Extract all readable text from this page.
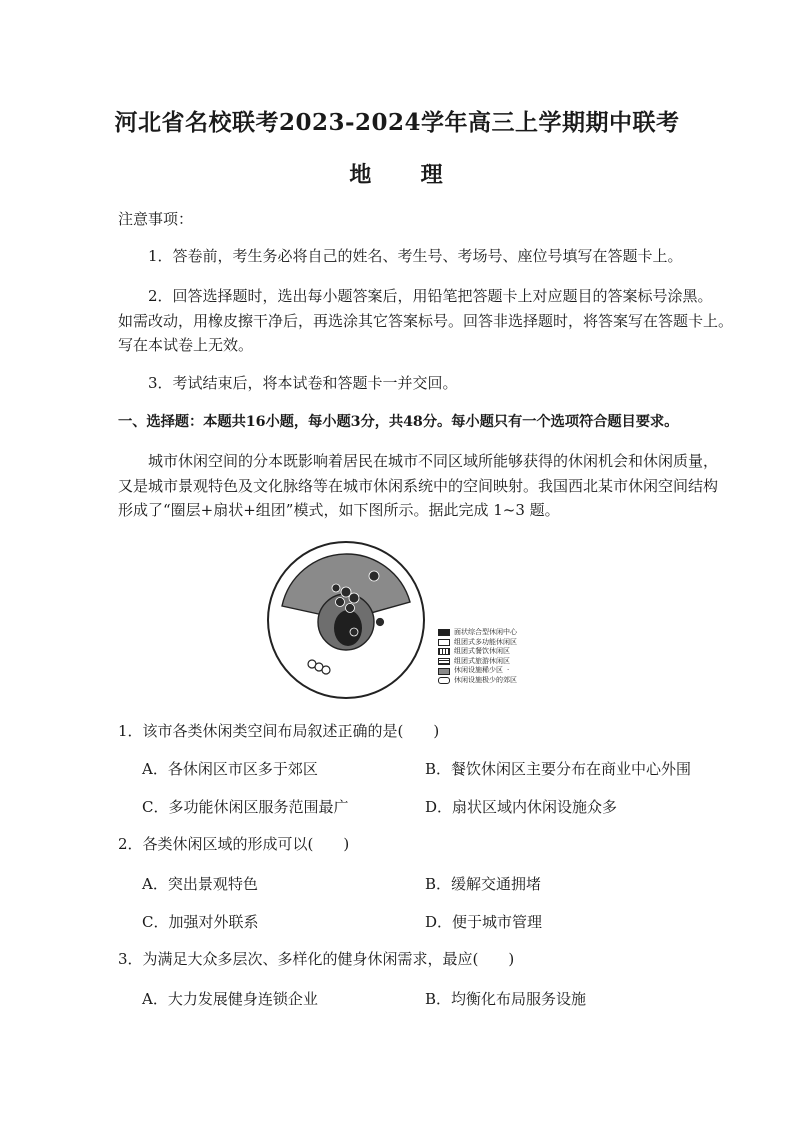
河北省名校联考2023-2024学年高三上学期期中联考
地 理
注意事项：
1．答卷前，考生务必将自己的姓名、考生号、考场号、座位号填写在答题卡上。
2．回答选择题时，选出每小题答案后，用铅笔把答题卡上对应题目的答案标号涂黑。
如需改动，用橡皮擦干净后，再选涂其它答案标号。回答非选择题时，将答案写在答题卡上。
写在本试卷上无效。
3．考试结束后，将本试卷和答题卡一并交回。
一、选择题：本题共16小题，每小题3分，共48分。每小题只有一个选项符合题目要求。
城市休闲空间的分本既影响着居民在城市不同区域所能够获得的休闲机会和休闲质量，
又是城市景观特色及文化脉络等在城市休闲系统中的空间映射。我国西北某市休闲空间结构
形成了“圈层+扇状+组团”模式，如下图所示。据此完成 1~3 题。
面状综合型休闲中心
组团式多功能休闲区
组团式餐饮休闲区
组团式旅游休闲区
休闲设施稀少区 ·
休闲设施极少的郊区
1．该市各类休闲类空间布局叙述正确的是(　　)
A．各休闲区市区多于郊区	B．餐饮休闲区主要分布在商业中心外围
C．多功能休闲区服务范围最广	D．扇状区域内休闲设施众多
2．各类休闲区域的形成可以(　　)
A．突出景观特色	B．缓解交通拥堵
C．加强对外联系	D．便于城市管理
3．为满足大众多层次、多样化的健身休闲需求，最应(　　)
A．大力发展健身连锁企业	B．均衡化布局服务设施
